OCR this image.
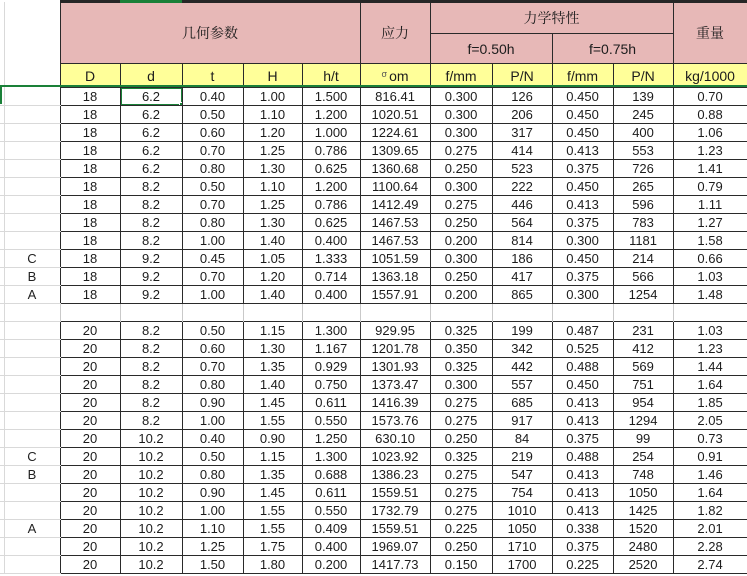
		几何参数					应力	力学特性				重量
								f=0.50h		f=0.75h		
		D	d	t	H	h/t	$^\sigma$ om	f/mm	P/N	f/mm	P/N	kg/1000
		18	6.2	0.40	1.00	1.500	816.41	0.300	126	0.450	139	0.70
		18	6.2	0.50	1.10	1.200	1020.51	0.300	206	0.450	245	0.88
		18	6.2	0.60	1.20	1.000	1224.61	0.300	317	0.450	400	1.06
		18	6.2	0.70	1.25	0.786	1309.65	0.275	414	0.413	553	1.23
		18	6.2	0.80	1.30	0.625	1360.68	0.250	523	0.375	726	1.41
		18	8.2	0.50	1.10	1.200	1100.64	0.300	222	0.450	265	0.79
		18	8.2	0.70	1.25	0.786	1412.49	0.275	446	0.413	596	1.11
		18	8.2	0.80	1.30	0.625	1467.53	0.250	564	0.375	783	1.27
		18	8.2	1.00	1.40	0.400	1467.53	0.200	814	0.300	1181	1.58
	C	18	9.2	0.45	1.05	1.333	1051.59	0.300	186	0.450	214	0.66
	B	18	9.2	0.70	1.20	0.714	1363.18	0.250	417	0.375	566	1.03
	A	18	9.2	1.00	1.40	0.400	1557.91	0.200	865	0.300	1254	1.48

		20	8.2	0.50	1.15	1.300	929.95	0.325	199	0.487	231	1.03
		20	8.2	0.60	1.30	1.167	1201.78	0.350	342	0.525	412	1.23
		20	8.2	0.70	1.35	0.929	1301.93	0.325	442	0.488	569	1.44
		20	8.2	0.80	1.40	0.750	1373.47	0.300	557	0.450	751	1.64
		20	8.2	0.90	1.45	0.611	1416.39	0.275	685	0.413	954	1.85
		20	8.2	1.00	1.55	0.550	1573.76	0.275	917	0.413	1294	2.05
		20	10.2	0.40	0.90	1.250	630.10	0.250	84	0.375	99	0.73
	C	20	10.2	0.50	1.15	1.300	1023.92	0.325	219	0.488	254	0.91
	B	20	10.2	0.80	1.35	0.688	1386.23	0.275	547	0.413	748	1.46
		20	10.2	0.90	1.45	0.611	1559.51	0.275	754	0.413	1050	1.64
		20	10.2	1.00	1.55	0.550	1732.79	0.275	1010	0.413	1425	1.82
	A	20	10.2	1.10	1.55	0.409	1559.51	0.225	1050	0.338	1520	2.01
		20	10.2	1.25	1.75	0.400	1969.07	0.250	1710	0.375	2480	2.28
		20	10.2	1.50	1.80	0.200	1417.73	0.150	1700	0.225	2520	2.74
